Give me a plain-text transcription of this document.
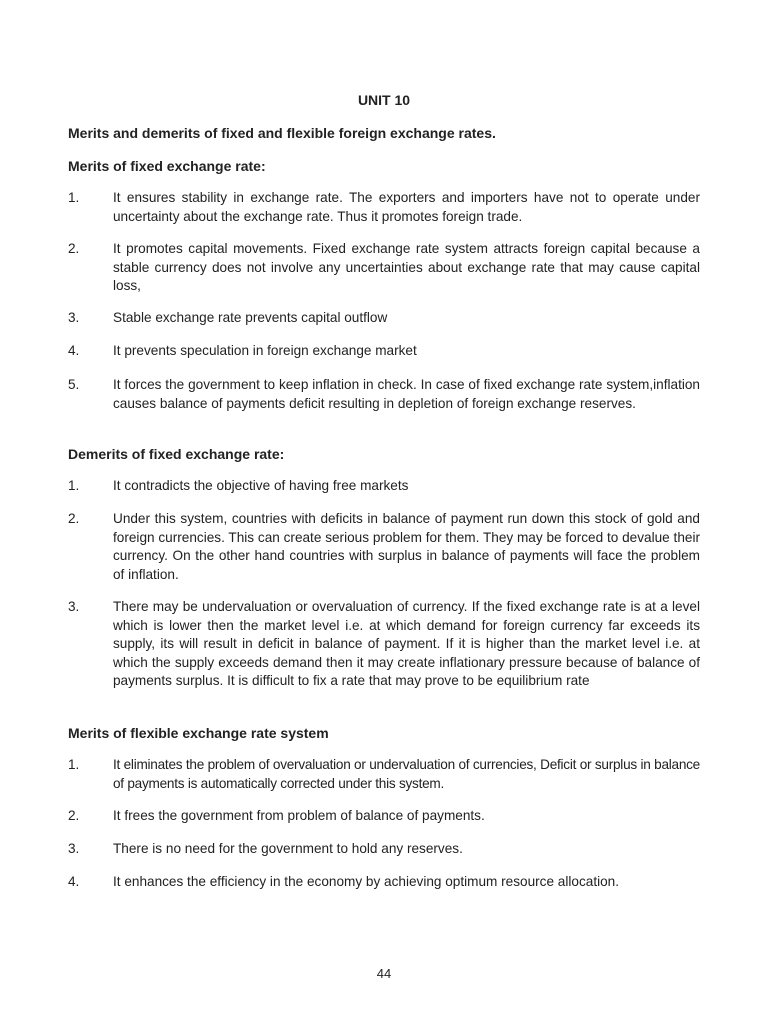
UNIT 10
Merits and demerits of fixed and flexible foreign exchange rates.
Merits of fixed exchange rate:
1.	It ensures stability in exchange rate. The exporters and importers have not to operate under uncertainty about the exchange rate. Thus it promotes foreign trade.
2.	It promotes capital movements. Fixed exchange rate system attracts foreign capital because a stable currency does not involve any uncertainties about exchange rate that may cause capital loss,
3.	Stable exchange rate prevents capital outflow
4.	It prevents speculation in foreign exchange market
5.	It forces the government to keep inflation in check. In case of fixed exchange rate system,inflation causes balance of payments deficit resulting in depletion of foreign exchange reserves.
Demerits of fixed exchange rate:
1.	It contradicts the objective of having free markets
2.	Under this system, countries with deficits in balance of payment run down this stock of gold and foreign currencies. This can create serious problem for them. They may be forced to devalue their currency. On the other hand countries with surplus in balance of payments will face the problem of inflation.
3.	There may be undervaluation or overvaluation of currency. If the fixed exchange rate is at a level which is lower then the market level i.e. at which demand for foreign currency far exceeds its supply, its will result in deficit in balance of payment. If it is higher than the market level i.e. at which the supply exceeds demand then it may create inflationary pressure because of balance of payments surplus. It is difficult to fix a rate that may prove to be equilibrium rate
Merits of flexible exchange rate system
1.	It eliminates the problem of overvaluation or undervaluation of currencies, Deficit or surplus in balance of payments is automatically corrected under this system.
2.	It frees the government from problem of balance of payments.
3.	There is no need for the government to hold any reserves.
4.	It enhances the efficiency in the economy by achieving optimum resource allocation.
44
